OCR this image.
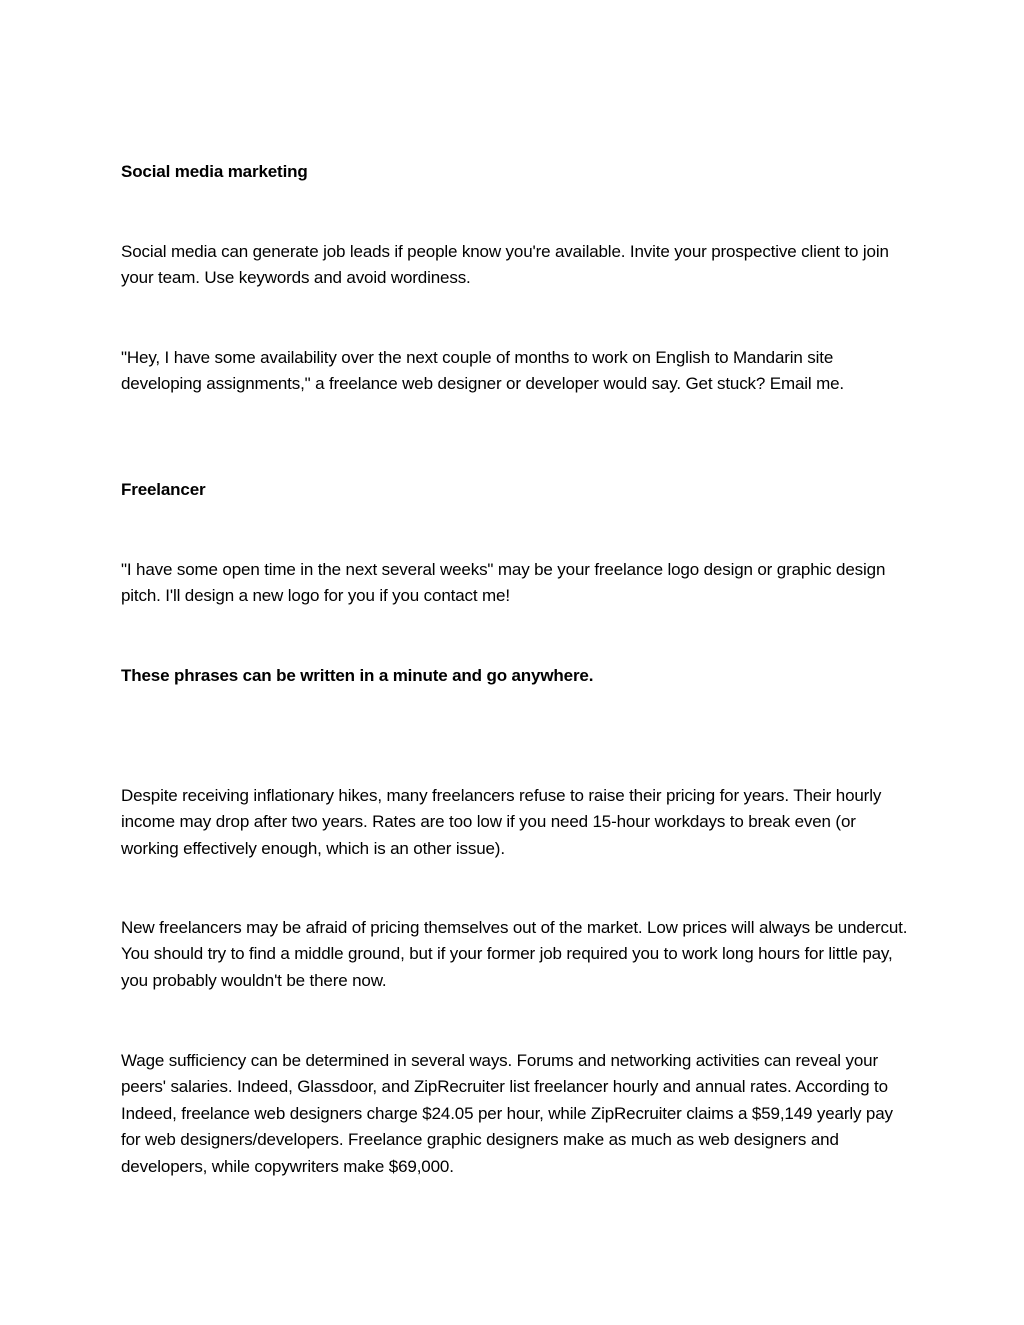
Social media marketing

Social media can generate job leads if people know you're available. Invite your prospective client to join your team. Use keywords and avoid wordiness.

"Hey, I have some availability over the next couple of months to work on English to Mandarin site developing assignments," a freelance web designer or developer would say. Get stuck? Email me.

Freelancer

"I have some open time in the next several weeks" may be your freelance logo design or graphic design pitch. I'll design a new logo for you if you contact me!

These phrases can be written in a minute and go anywhere.

Despite receiving inflationary hikes, many freelancers refuse to raise their pricing for years. Their hourly income may drop after two years. Rates are too low if you need 15-hour workdays to break even (or working effectively enough, which is an other issue).

New freelancers may be afraid of pricing themselves out of the market. Low prices will always be undercut. You should try to find a middle ground, but if your former job required you to work long hours for little pay, you probably wouldn't be there now.

Wage sufficiency can be determined in several ways. Forums and networking activities can reveal your peers' salaries. Indeed, Glassdoor, and ZipRecruiter list freelancer hourly and annual rates. According to Indeed, freelance web designers charge $24.05 per hour, while ZipRecruiter claims a $59,149 yearly pay for web designers/developers. Freelance graphic designers make as much as web designers and developers, while copywriters make $69,000.
